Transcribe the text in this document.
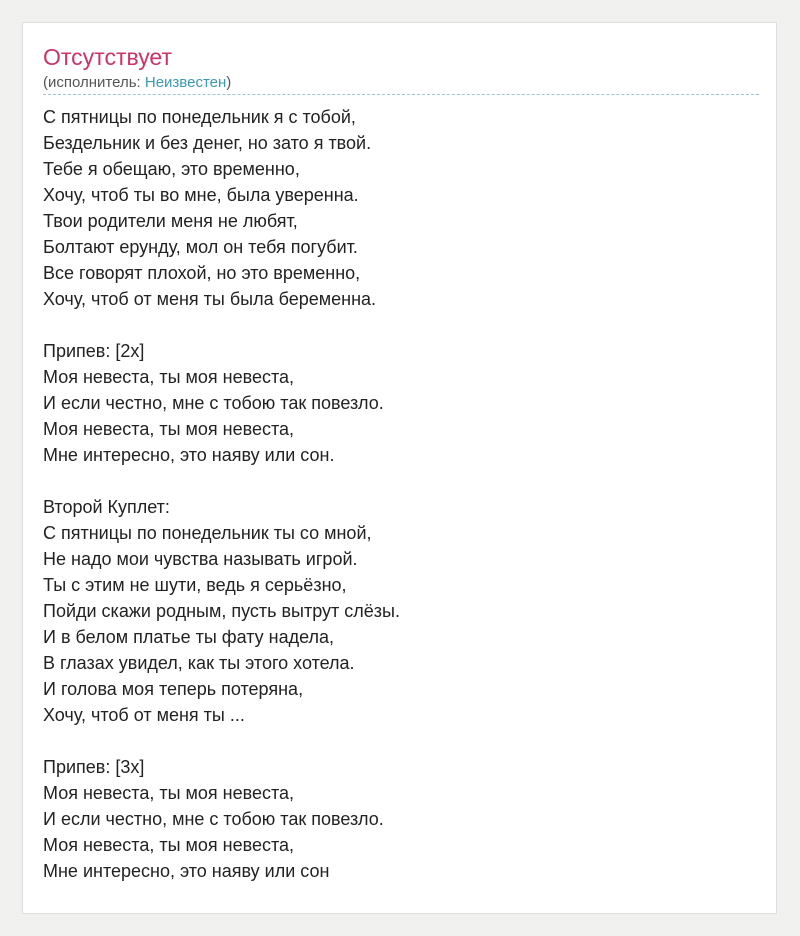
Отсутствует
(исполнитель: Неизвестен)
С пятницы по понедельник я с тобой,
Бездельник и без денег, но зато я твой.
Тебе я обещаю, это временно,
Хочу, чтоб ты во мне, была уверенна.
Твои родители меня не любят,
Болтают ерунду, мол он тебя погубит.
Все говорят плохой, но это временно,
Хочу, чтоб от меня ты была беременна.
Припев: [2x]
Моя невеста, ты моя невеста,
И если честно, мне с тобою так повезло.
Моя невеста, ты моя невеста,
Мне интересно, это наяву или сон.
Второй Куплет:
С пятницы по понедельник ты со мной,
Не надо мои чувства называть игрой.
Ты с этим не шути, ведь я серьёзно,
Пойди скажи родным, пусть вытрут слёзы.
И в белом платье ты фату надела,
В глазах увидел, как ты этого хотела.
И голова моя теперь потеряна,
Хочу, чтоб от меня ты ...
Припев: [3x]
Моя невеста, ты моя невеста,
И если честно, мне с тобою так повезло.
Моя невеста, ты моя невеста,
Мне интересно, это наяву или сон
